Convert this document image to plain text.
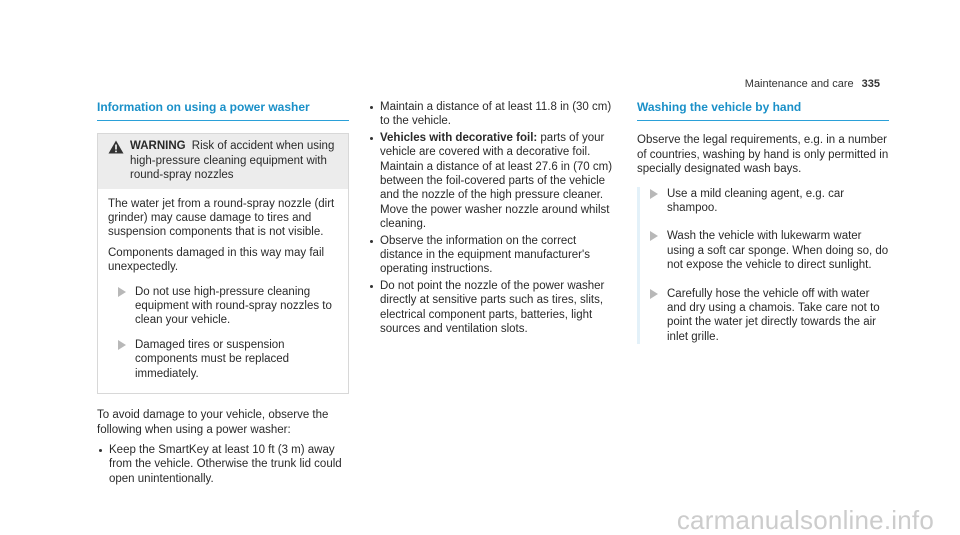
Maintenance and care 335
Information on using a power washer
WARNING Risk of accident when using high-pressure cleaning equipment with round-spray nozzles

The water jet from a round-spray nozzle (dirt grinder) may cause damage to tires and suspension components that is not visible.

Components damaged in this way may fail unexpectedly.

Do not use high-pressure cleaning equipment with round-spray nozzles to clean your vehicle.
Damaged tires or suspension components must be replaced immediately.

To avoid damage to your vehicle, observe the following when using a power washer:

Keep the SmartKey at least 10 ft (3 m) away from the vehicle. Otherwise the trunk lid could open unintentionally.
Maintain a distance of at least 11.8 in (30 cm) to the vehicle.
Vehicles with decorative foil: parts of your vehicle are covered with a decorative foil. Maintain a distance of at least 27.6 in (70 cm) between the foil-covered parts of the vehicle and the nozzle of the high pressure cleaner. Move the power washer nozzle around whilst cleaning.
Observe the information on the correct distance in the equipment manufacturer's operating instructions.
Do not point the nozzle of the power washer directly at sensitive parts such as tires, slits, electrical component parts, batteries, light sources and ventilation slots.
Washing the vehicle by hand

Observe the legal requirements, e.g. in a number of countries, washing by hand is only permitted in specially designated wash bays.

Use a mild cleaning agent, e.g. car shampoo.
Wash the vehicle with lukewarm water using a soft car sponge. When doing so, do not expose the vehicle to direct sunlight.
Carefully hose the vehicle off with water and dry using a chamois. Take care not to point the water jet directly towards the air inlet grille.
carmanualsonline.info
